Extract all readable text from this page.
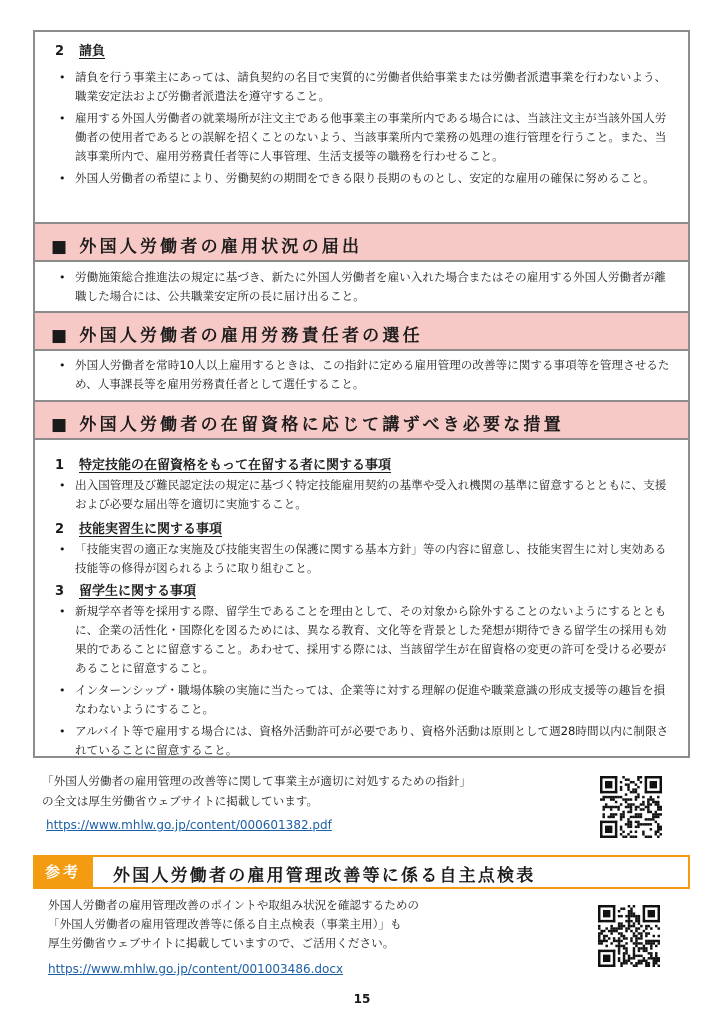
2 請負
• 請負を行う事業主にあっては、請負契約の名目で実質的に労働者供給事業または労働者派遣事業を行わないよう、職業安定法および労働者派遣法を遵守すること。
• 雇用する外国人労働者の就業場所が注文主である他事業主の事業所内である場合には、当該注文主が当該外国人労働者の使用者であるとの誤解を招くことのないよう、当該事業所内で業務の処理の進行管理を行うこと。また、当該事業所内で、雇用労務責任者等に人事管理、生活支援等の職務を行わせること。
• 外国人労働者の希望により、労働契約の期間をできる限り長期のものとし、安定的な雇用の確保に努めること。
■ 外国人労働者の雇用状況の届出
• 労働施策総合推進法の規定に基づき、新たに外国人労働者を雇い入れた場合またはその雇用する外国人労働者が離職した場合には、公共職業安定所の長に届け出ること。
■ 外国人労働者の雇用労務責任者の選任
• 外国人労働者を常時10人以上雇用するときは、この指針に定める雇用管理の改善等に関する事項等を管理させるため、人事課長等を雇用労務責任者として選任すること。
■ 外国人労働者の在留資格に応じて講ずべき必要な措置
1 特定技能の在留資格をもって在留する者に関する事項
• 出入国管理及び難民認定法の規定に基づく特定技能雇用契約の基準や受入れ機関の基準に留意するとともに、支援および必要な届出等を適切に実施すること。
2 技能実習生に関する事項
• 「技能実習の適正な実施及び技能実習生の保護に関する基本方針」等の内容に留意し、技能実習生に対し実効ある技能等の修得が図られるように取り組むこと。
3 留学生に関する事項
• 新規学卒者等を採用する際、留学生であることを理由として、その対象から除外することのないようにするとともに、企業の活性化・国際化を図るためには、異なる教育、文化等を背景とした発想が期待できる留学生の採用も効果的であることに留意すること。あわせて、採用する際には、当該留学生が在留資格の変更の許可を受ける必要があることに留意すること。
• インターンシップ・職場体験の実施に当たっては、企業等に対する理解の促進や職業意識の形成支援等の趣旨を損なわないようにすること。
• アルバイト等で雇用する場合には、資格外活動許可が必要であり、資格外活動は原則として週28時間以内に制限されていることに留意すること。
「外国人労働者の雇用管理の改善等に関して事業主が適切に対処するための指針」
の全文は厚生労働省ウェブサイトに掲載しています。
https://www.mhlw.go.jp/content/000601382.pdf
参考	外国人労働者の雇用管理改善等に係る自主点検表
外国人労働者の雇用管理改善のポイントや取組み状況を確認するための
「外国人労働者の雇用管理改善等に係る自主点検表（事業主用）」も
厚生労働省ウェブサイトに掲載していますので、ご活用ください。
https://www.mhlw.go.jp/content/001003486.docx
15
